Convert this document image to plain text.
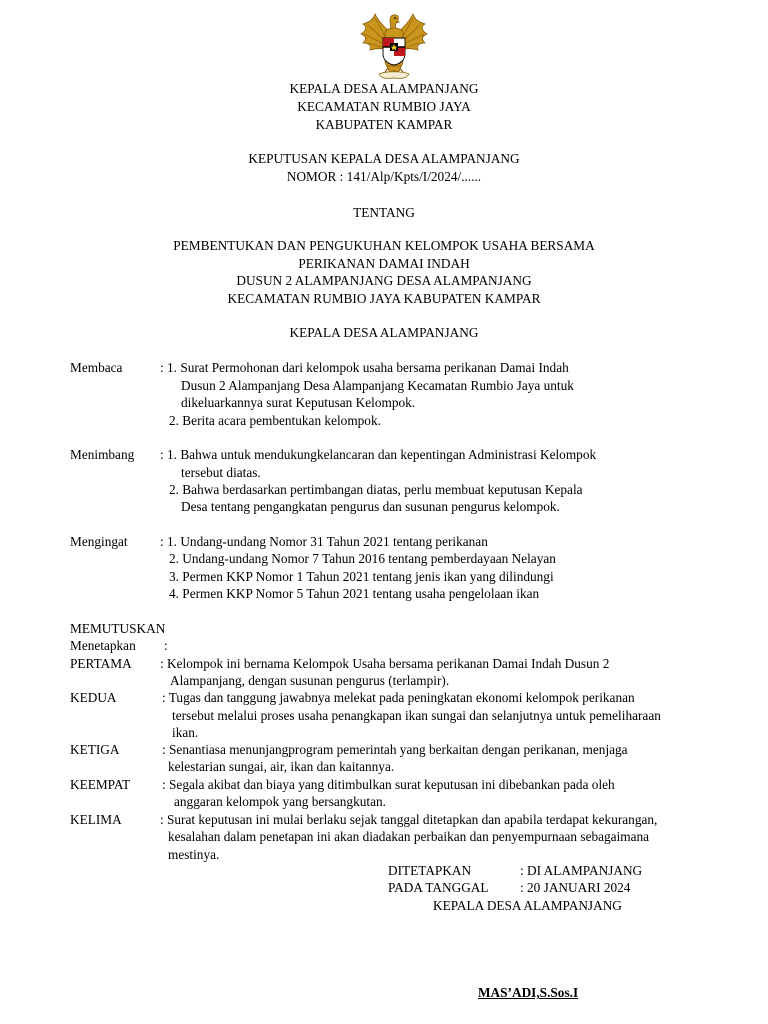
KEPALA DESA ALAMPANJANG
KECAMATAN RUMBIO JAYA
KABUPATEN KAMPAR
KEPUTUSAN KEPALA DESA ALAMPANJANG
NOMOR : 141/Alp/Kpts/I/2024/......
TENTANG
PEMBENTUKAN DAN PENGUKUHAN KELOMPOK USAHA BERSAMA
PERIKANAN DAMAI INDAH
DUSUN 2 ALAMPANJANG DESA ALAMPANJANG
KECAMATAN RUMBIO JAYA KABUPATEN KAMPAR
KEPALA DESA ALAMPANJANG
Membaca	: 1. Surat Permohonan dari kelompok usaha bersama perikanan Damai Indah
Dusun 2 Alampanjang Desa Alampanjang Kecamatan Rumbio Jaya untuk
dikeluarkannya surat Keputusan Kelompok.
2. Berita acara pembentukan kelompok.
Menimbang : 1. Bahwa untuk mendukungkelancaran dan kepentingan Administrasi Kelompok
tersebut diatas.
2. Bahwa berdasarkan pertimbangan diatas, perlu membuat keputusan Kepala
Desa tentang pengangkatan pengurus dan susunan pengurus kelompok.
Mengingat : 1. Undang-undang Nomor 31 Tahun 2021 tentang perikanan
2. Undang-undang Nomor 7 Tahun 2016 tentang pemberdayaan Nelayan
3. Permen KKP Nomor 1 Tahun 2021 tentang jenis ikan yang dilindungi
4. Permen KKP Nomor 5 Tahun 2021 tentang usaha pengelolaan ikan
MEMUTUSKAN
Menetapkan :
PERTAMA : Kelompok ini bernama Kelompok Usaha bersama perikanan Damai Indah Dusun 2
Alampanjang, dengan susunan pengurus (terlampir).
KEDUA	: Tugas dan tanggung jawabnya melekat pada peningkatan ekonomi kelompok perikanan
tersebut melalui proses usaha penangkapan ikan sungai dan selanjutnya untuk pemeliharaan
ikan.
KETIGA	: Senantiasa menunjangprogram pemerintah yang berkaitan dengan perikanan, menjaga
kelestarian sungai, air, ikan dan kaitannya.
KEEMPAT : Segala akibat dan biaya yang ditimbulkan surat keputusan ini dibebankan pada oleh
anggaran kelompok yang bersangkutan.
KELIMA	: Surat keputusan ini mulai berlaku sejak tanggal ditetapkan dan apabila terdapat kekurangan,
kesalahan dalam penetapan ini akan diadakan perbaikan dan penyempurnaan sebagaimana
mestinya.
DITETAPKAN	: DI ALAMPANJANG
PADA TANGGAL : 20 JANUARI 2024
KEPALA DESA ALAMPANJANG
MAS’ADI,S.Sos.I
